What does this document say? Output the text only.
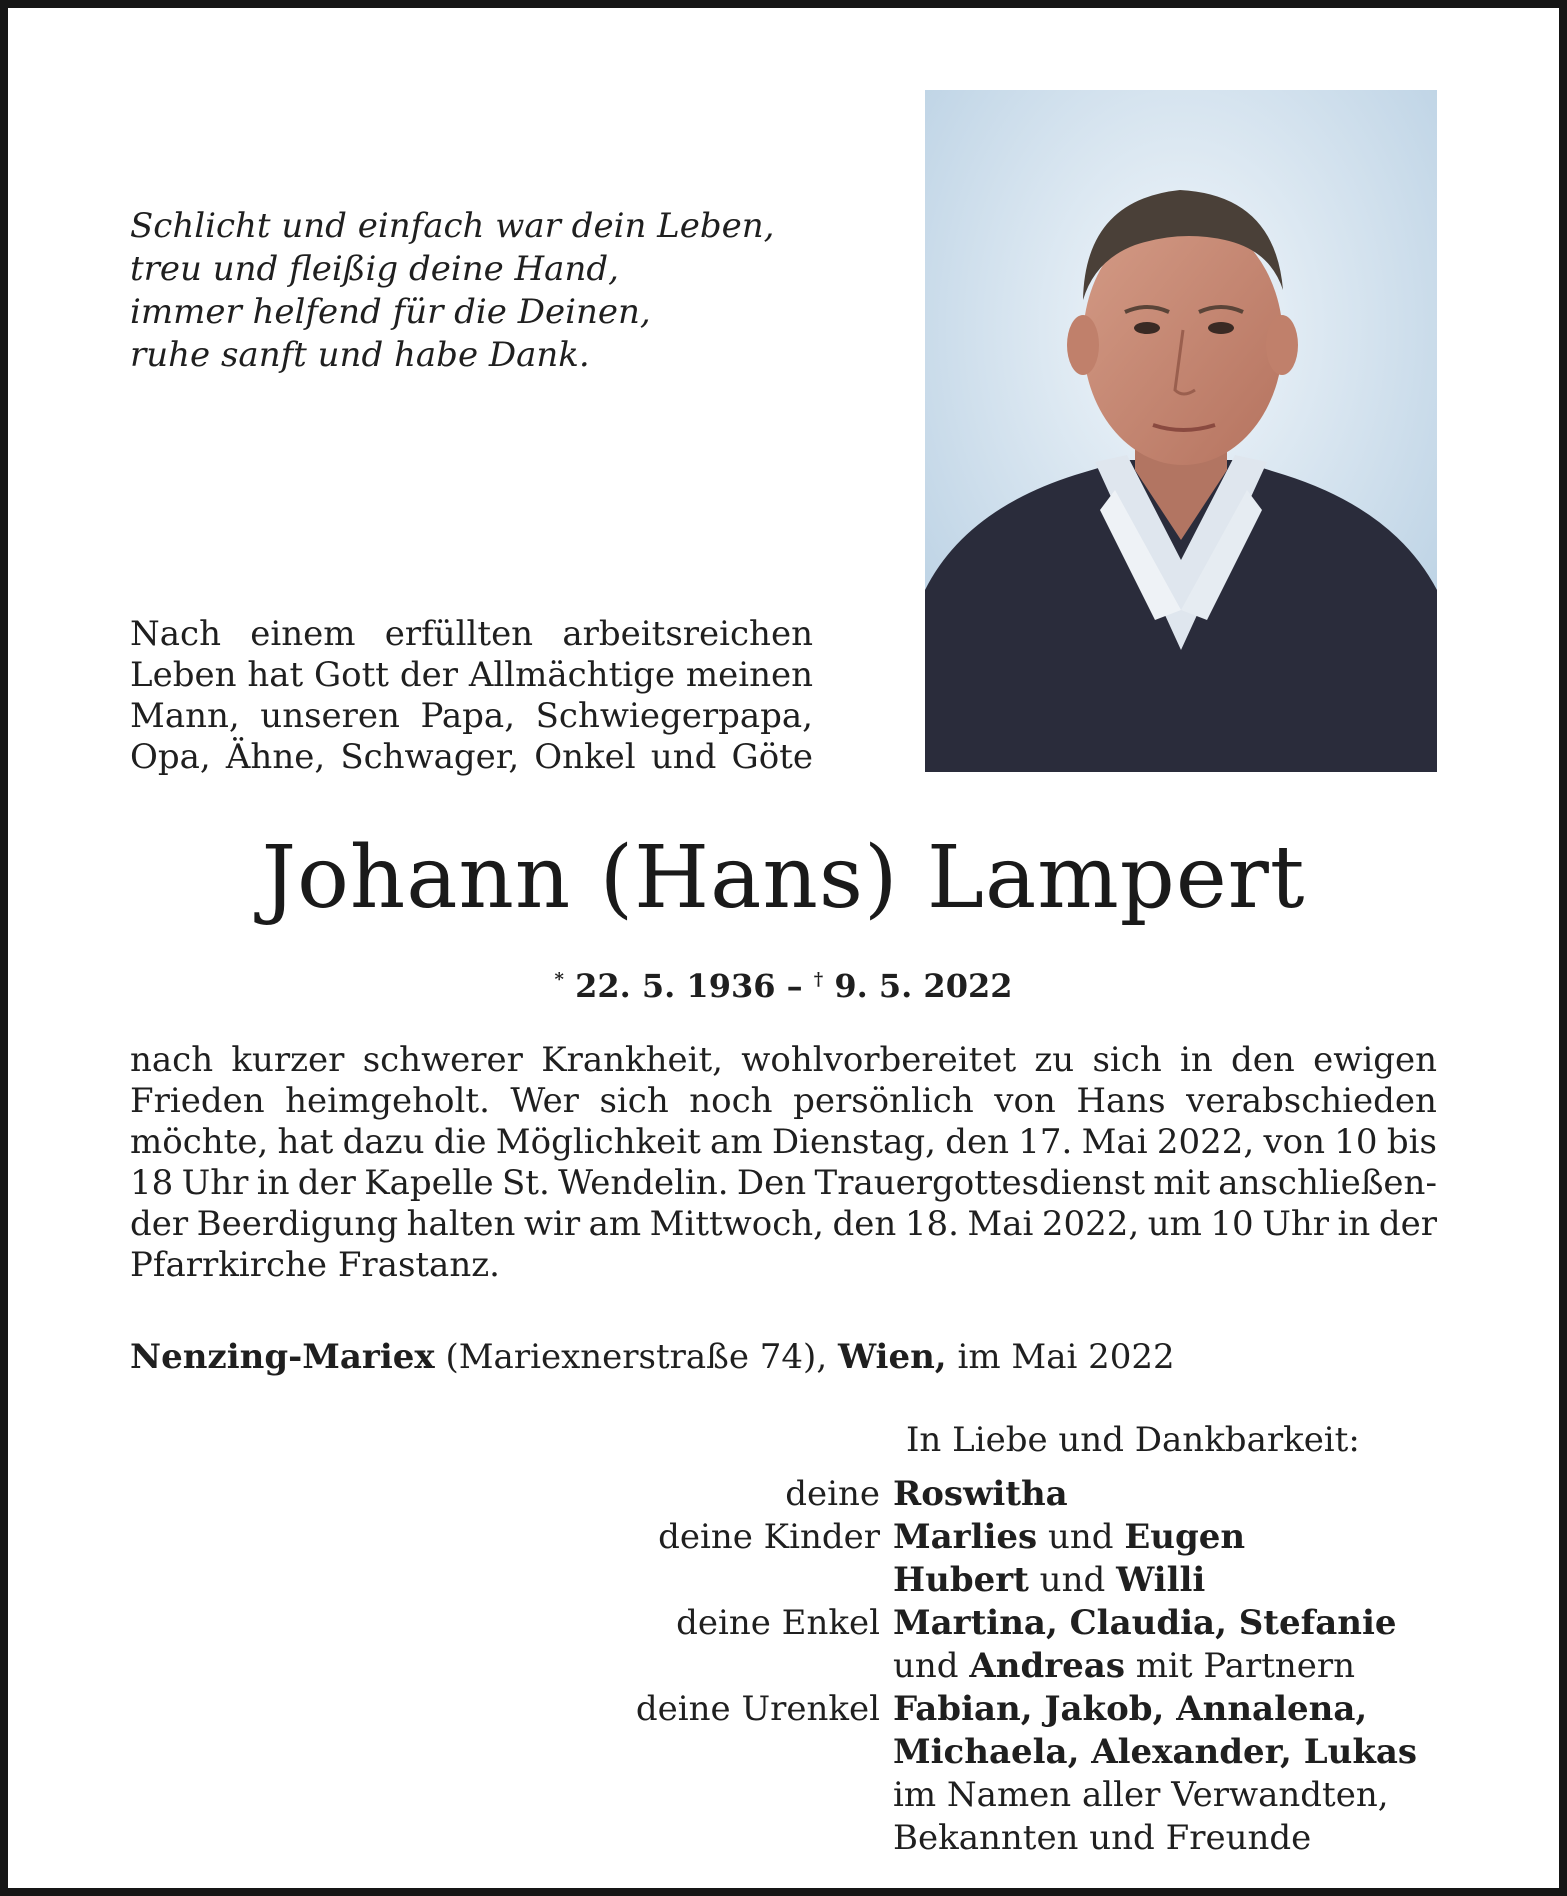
Schlicht und einfach war dein Leben,
treu und fleißig deine Hand,
immer helfend für die Deinen,
ruhe sanft und habe Dank.
Nach einem erfüllten arbeitsreichen
Leben hat Gott der Allmächtige meinen
Mann, unseren Papa, Schwiegerpapa,
Opa, Ähne, Schwager, Onkel und Göte
Johann (Hans) Lampert
* 22. 5. 1936 – † 9. 5. 2022
nach kurzer schwerer Krankheit, wohlvorbereitet zu sich in den ewigen
Frieden heimgeholt. Wer sich noch persönlich von Hans verabschieden
möchte, hat dazu die Möglichkeit am Dienstag, den 17. Mai 2022, von 10 bis
18 Uhr in der Kapelle St. Wendelin. Den Trauergottesdienst mit anschließen-
der Beerdigung halten wir am Mittwoch, den 18. Mai 2022, um 10 Uhr in der
Pfarrkirche Frastanz.
Nenzing-Mariex (Mariexnerstraße 74), Wien, im Mai 2022
In Liebe und Dankbarkeit:
deine Roswitha
deine Kinder Marlies und Eugen
Hubert und Willi
deine Enkel Martina, Claudia, Stefanie
und Andreas mit Partnern
deine Urenkel Fabian, Jakob, Annalena,
Michaela, Alexander, Lukas
im Namen aller Verwandten,
Bekannten und Freunde
